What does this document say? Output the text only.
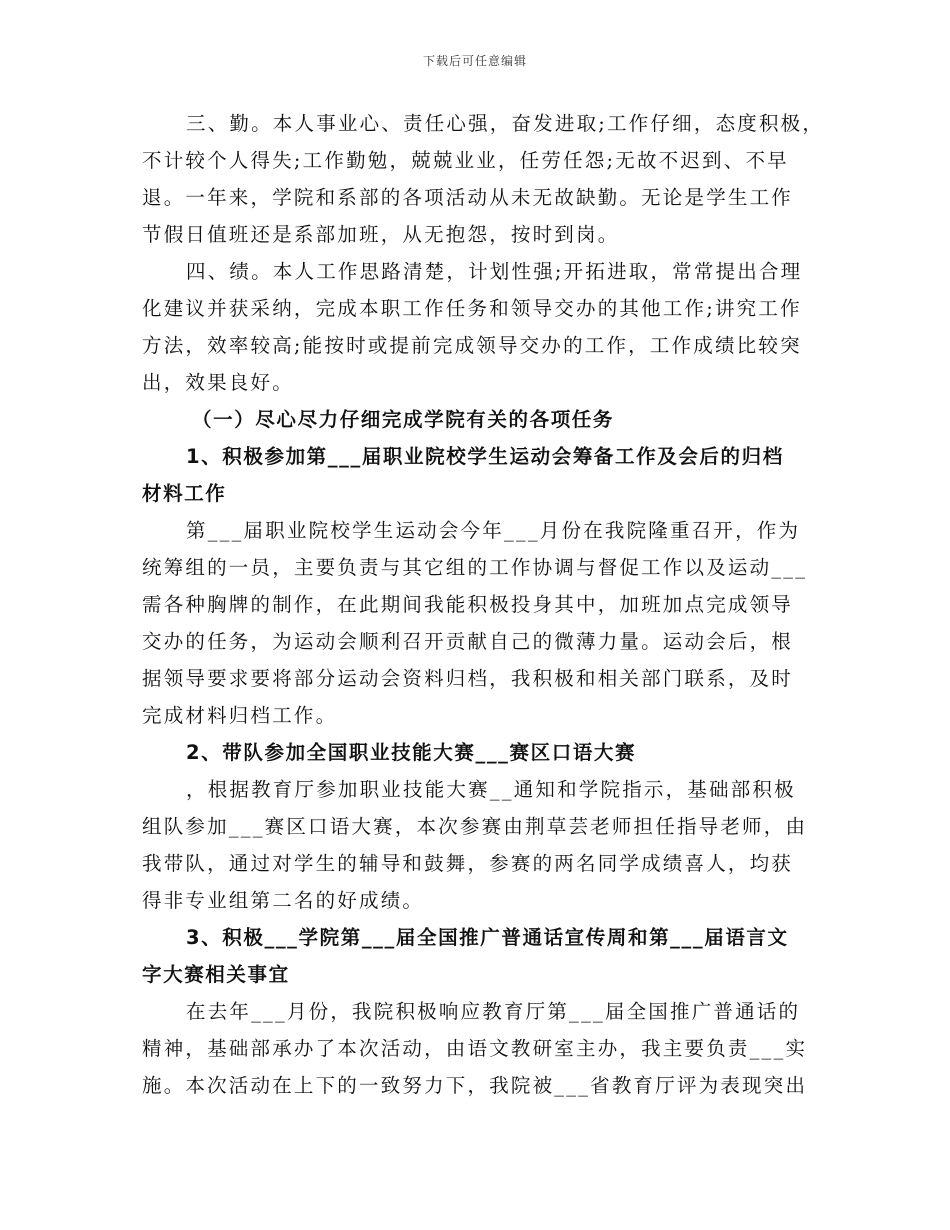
下载后可任意编辑
三、勤。本人事业心、责任心强，奋发进取;工作仔细，态度积极，
不计较个人得失;工作勤勉，兢兢业业，任劳任怨;无故不迟到、不早
退。一年来，学院和系部的各项活动从未无故缺勤。无论是学生工作
节假日值班还是系部加班，从无抱怨，按时到岗。
四、绩。本人工作思路清楚，计划性强;开拓进取，常常提出合理
化建议并获采纳，完成本职工作任务和领导交办的其他工作;讲究工作
方法，效率较高;能按时或提前完成领导交办的工作，工作成绩比较突
出，效果良好。
（一）尽心尽力仔细完成学院有关的各项任务
1、积极参加第___届职业院校学生运动会筹备工作及会后的归档
材料工作
第___届职业院校学生运动会今年___月份在我院隆重召开，作为
统筹组的一员，主要负责与其它组的工作协调与督促工作以及运动___
需各种胸牌的制作，在此期间我能积极投身其中，加班加点完成领导
交办的任务，为运动会顺利召开贡献自己的微薄力量。运动会后，根
据领导要求要将部分运动会资料归档，我积极和相关部门联系，及时
完成材料归档工作。
2、带队参加全国职业技能大赛___赛区口语大赛
，根据教育厅参加职业技能大赛__通知和学院指示，基础部积极
组队参加___赛区口语大赛，本次参赛由荆草芸老师担任指导老师，由
我带队，通过对学生的辅导和鼓舞，参赛的两名同学成绩喜人，均获
得非专业组第二名的好成绩。
3、积极___学院第___届全国推广普通话宣传周和第___届语言文
字大赛相关事宜
在去年___月份，我院积极响应教育厅第___届全国推广普通话的
精神，基础部承办了本次活动，由语文教研室主办，我主要负责___实
施。本次活动在上下的一致努力下，我院被___省教育厅评为表现突出
